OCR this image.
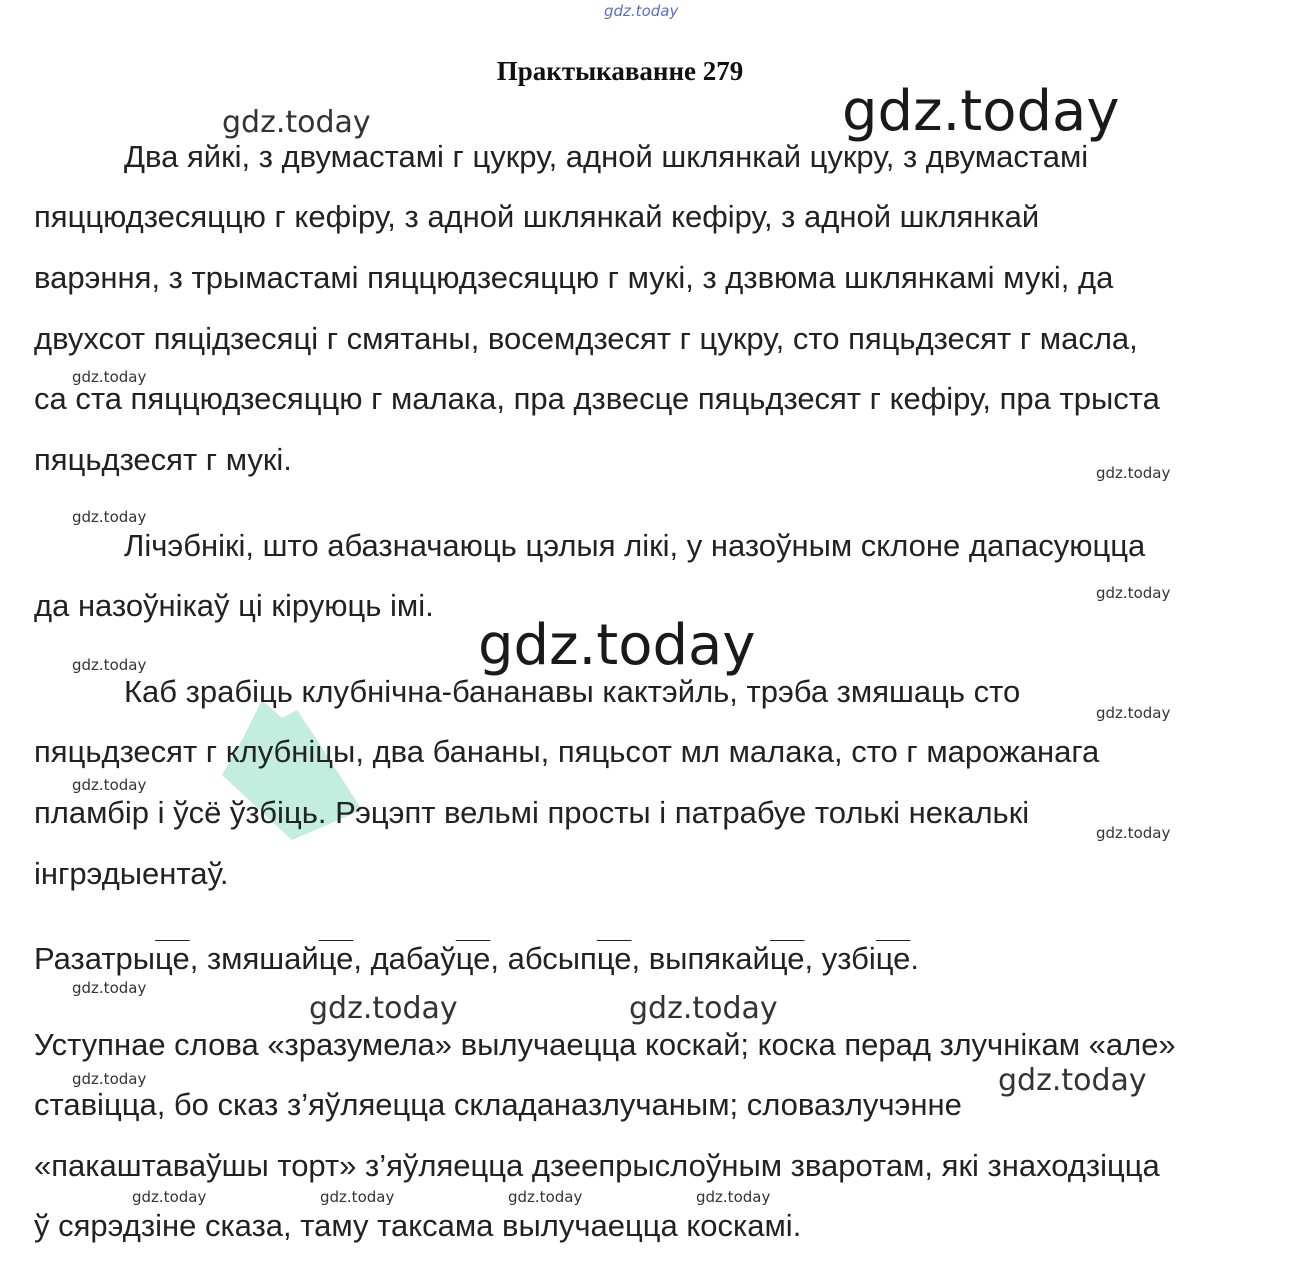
gdz.today
Практыкаванне 279
Два яйкі, з двумастамі г цукру, адной шклянкай цукру, з двумастамі
пяццюдзесяццю г кефіру, з адной шклянкай кефіру, з адной шклянкай
варэння, з трымастамі пяццюдзесяццю г мукі, з дзвюма шклянкамі мукі, да
двухсот пяцідзесяці г смятаны, восемдзесят г цукру, сто пяцьдзесят г масла,
са ста пяццюдзесяццю г малака, пра дзвесце пяцьдзесят г кефіру, пра трыста
пяцьдзесят г мукі.
Лічэбнікі, што абазначаюць цэлыя лікі, у назоўным склоне дапасуюцца
да назоўнікаў ці кіруюць імі.
Каб зрабіць клубнічна-бананавы кактэйль, трэба змяшаць сто
пяцьдзесят г клубніцы, два бананы, пяцьсот мл малака, сто г марожанага
пламбір і ўсё ўзбіць. Рэцэпт вельмі просты і патрабуе толькі некалькі
інгрэдыентаў.
Разатрыце, змяшайце, дабаўце, абсыпце, выпякайце, узбіце.
Уступнае слова «зразумела» вылучаецца коскай; коска перад злучнікам «але»
ставіцца, бо сказ з’яўляецца складаназлучаным; словазлучэнне
«пакаштаваўшы торт» з’яўляецца дзеепрыслоўным зваротам, які знаходзіцца
ў сярэдзіне сказа, таму таксама вылучаецца коскамі.
gdz.today	gdz.today
gdz.today
gdz.today
gdz.today
gdz.today
gdz.today
gdz.today
gdz.today
gdz.today
gdz.today
gdz.today
gdz.today	gdz.today
gdz.today	gdz.today
gdz.today	gdz.today	gdz.today	gdz.today
